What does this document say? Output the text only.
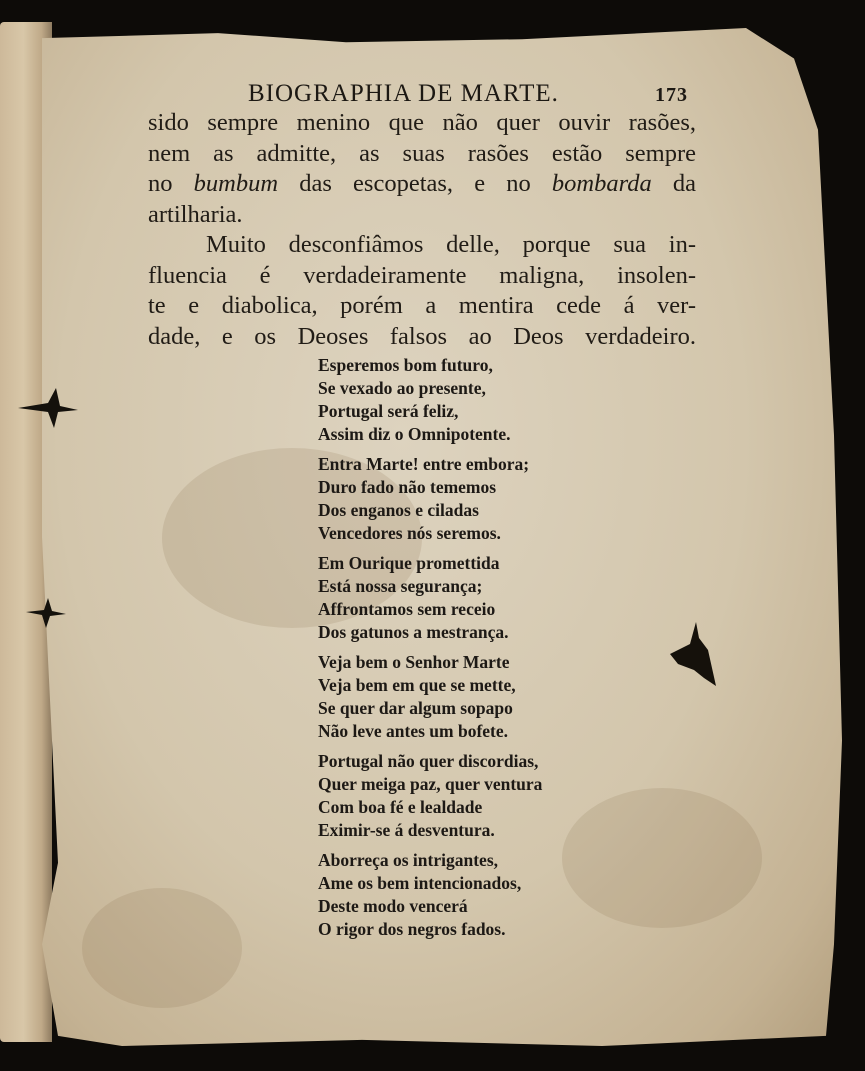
BIOGRAPHIA DE MARTE.	173

sido sempre menino que não quer ouvir rasões,
nem as admitte, as suas rasões estão sempre
no bumbum das escopetas, e no bombarda da
artilharia.

Muito desconfiâmos delle, porque sua in-
fluencia é verdadeiramente maligna, insolen-
te e diabolica, porém a mentira cede á ver-
dade, e os Deoses falsos ao Deos verdadeiro.

Esperemos bom futuro,
Se vexado ao presente,
Portugal será feliz,
Assim diz o Omnipotente.
Entra Marte! entre embora;
Duro fado não tememos
Dos enganos e ciladas
Vencedores nós seremos.
Em Ourique promettida
Está nossa segurança;
Affrontamos sem receio
Dos gatunos a mestrança.
Veja bem o Senhor Marte
Veja bem em que se mette,
Se quer dar algum sopapo
Não leve antes um bofete.
Portugal não quer discordias,
Quer meiga paz, quer ventura
Com boa fé e lealdade
Eximir-se á desventura.
Aborreça os intrigantes,
Ame os bem intencionados,
Deste modo vencerá
O rigor dos negros fados.
